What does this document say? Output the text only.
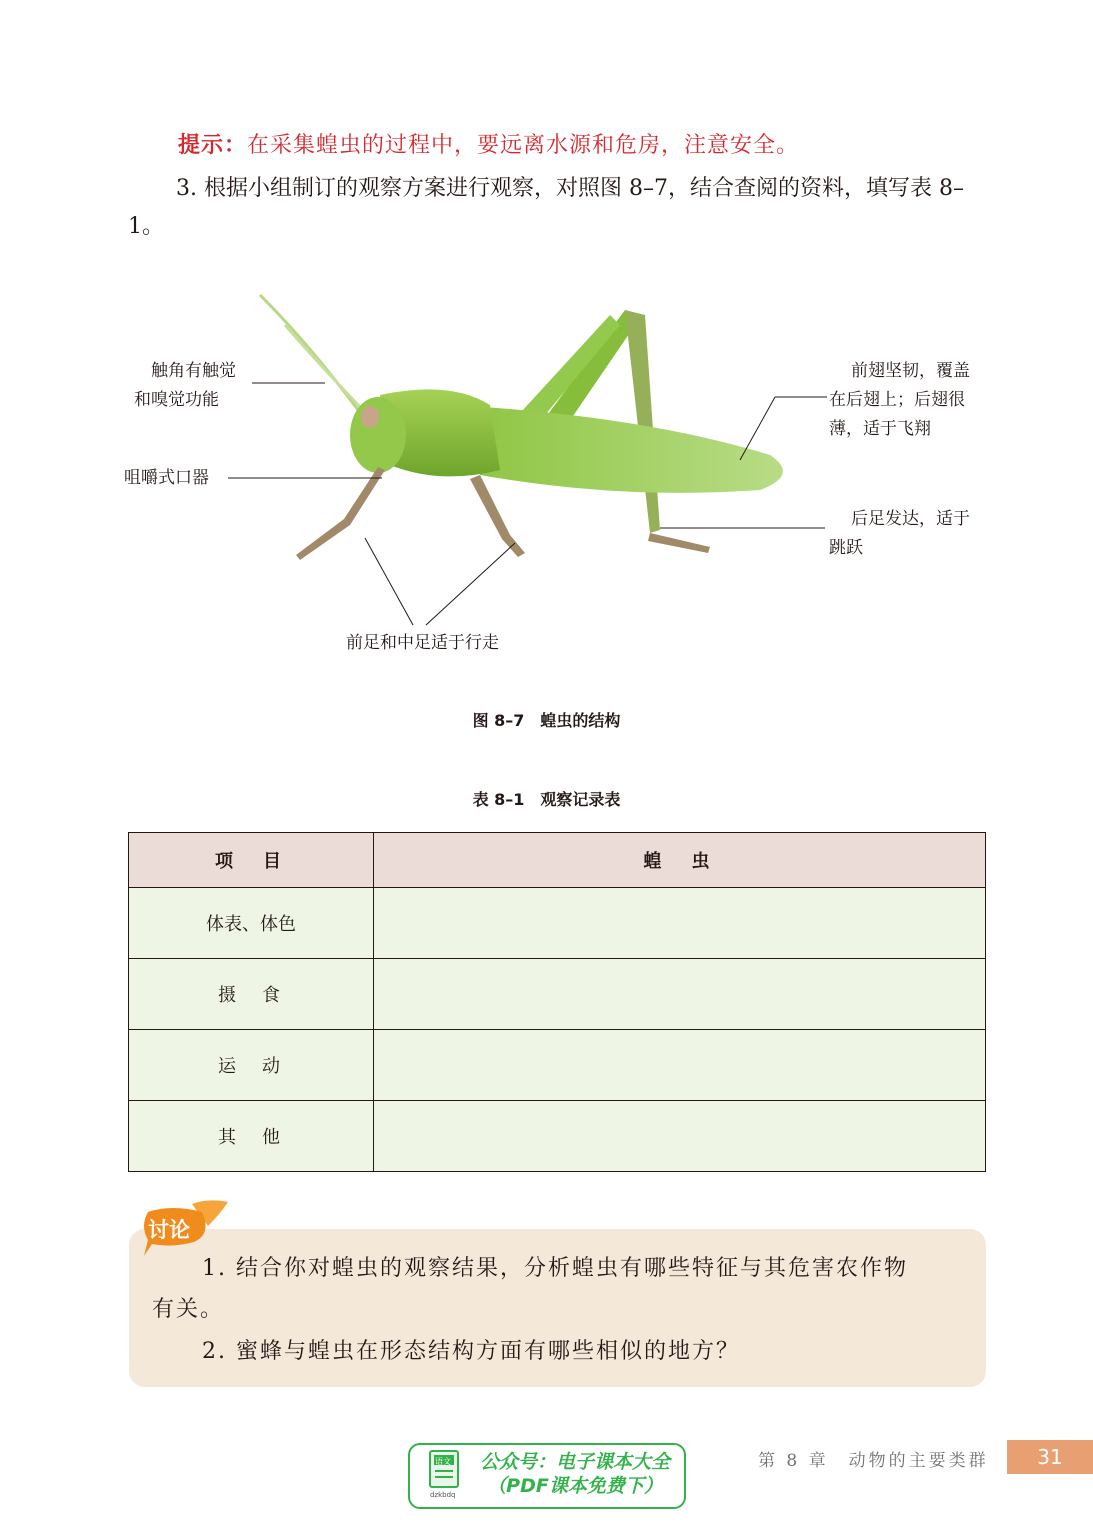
提示：在采集蝗虫的过程中，要远离水源和危房，注意安全。
3. 根据小组制订的观察方案进行观察，对照图 8–7，结合查阅的资料，填写表 8–1。
触角有触觉
和嗅觉功能
咀嚼式口器
前翅坚韧，覆盖
在后翅上；后翅很
薄，适于飞翔
后足发达，适于
跳跃
前足和中足适于行走
图 8–7　蝗虫的结构
表 8–1　观察记录表
项　目	蝗　虫
体表、体色	
摄　食	
运　动	
其　他	

1. 结合你对蝗虫的观察结果，分析蝗虫有哪些特征与其危害农作物

有关。

2. 蜜蜂与蝗虫在形态结构方面有哪些相似的地方？

讨论
语文
dzkbdq
公众号：电子课本大全
（PDF课本免费下）
第 8 章　动物的主要类群	31
